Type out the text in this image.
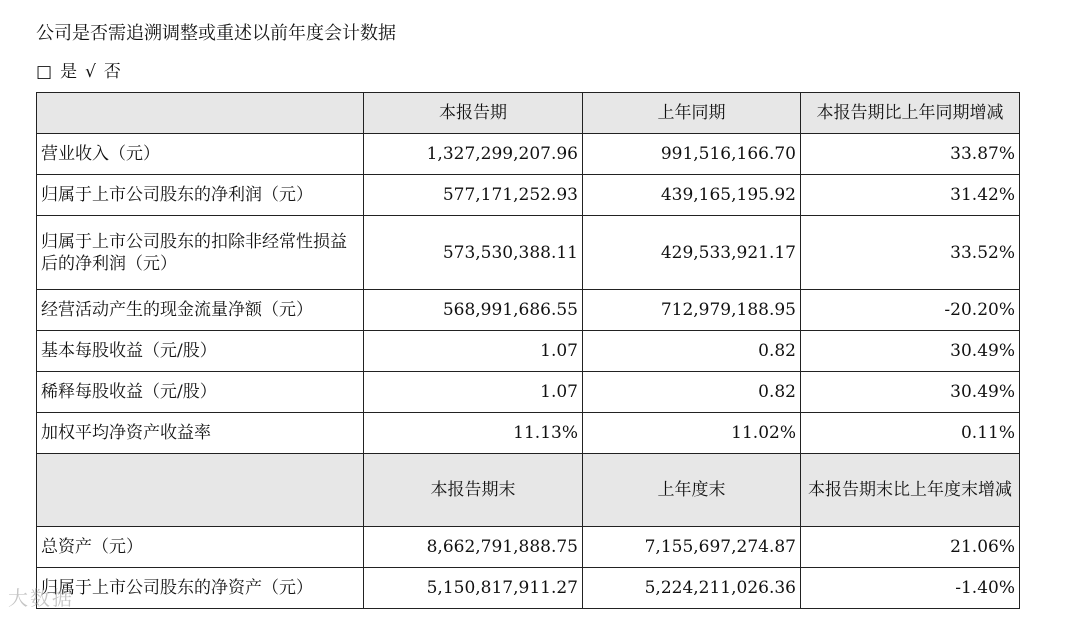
公司是否需追溯调整或重述以前年度会计数据
□ 是 √ 否
	本报告期	上年同期	本报告期比上年同期增减
营业收入（元）	1,327,299,207.96	991,516,166.70	33.87%
归属于上市公司股东的净利润（元）	577,171,252.93	439,165,195.92	31.42%
归属于上市公司股东的扣除非经常性损益后的净利润（元）	573,530,388.11	429,533,921.17	33.52%
经营活动产生的现金流量净额（元）	568,991,686.55	712,979,188.95	-20.20%
基本每股收益（元/股）	1.07	0.82	30.49%
稀释每股收益（元/股）	1.07	0.82	30.49%
加权平均净资产收益率	11.13%	11.02%	0.11%
	本报告期末	上年度末	本报告期末比上年度末增减
总资产（元）	8,662,791,888.75	7,155,697,274.87	21.06%
归属于上市公司股东的净资产（元）	5,150,817,911.27	5,224,211,026.36	-1.40%
大数据
